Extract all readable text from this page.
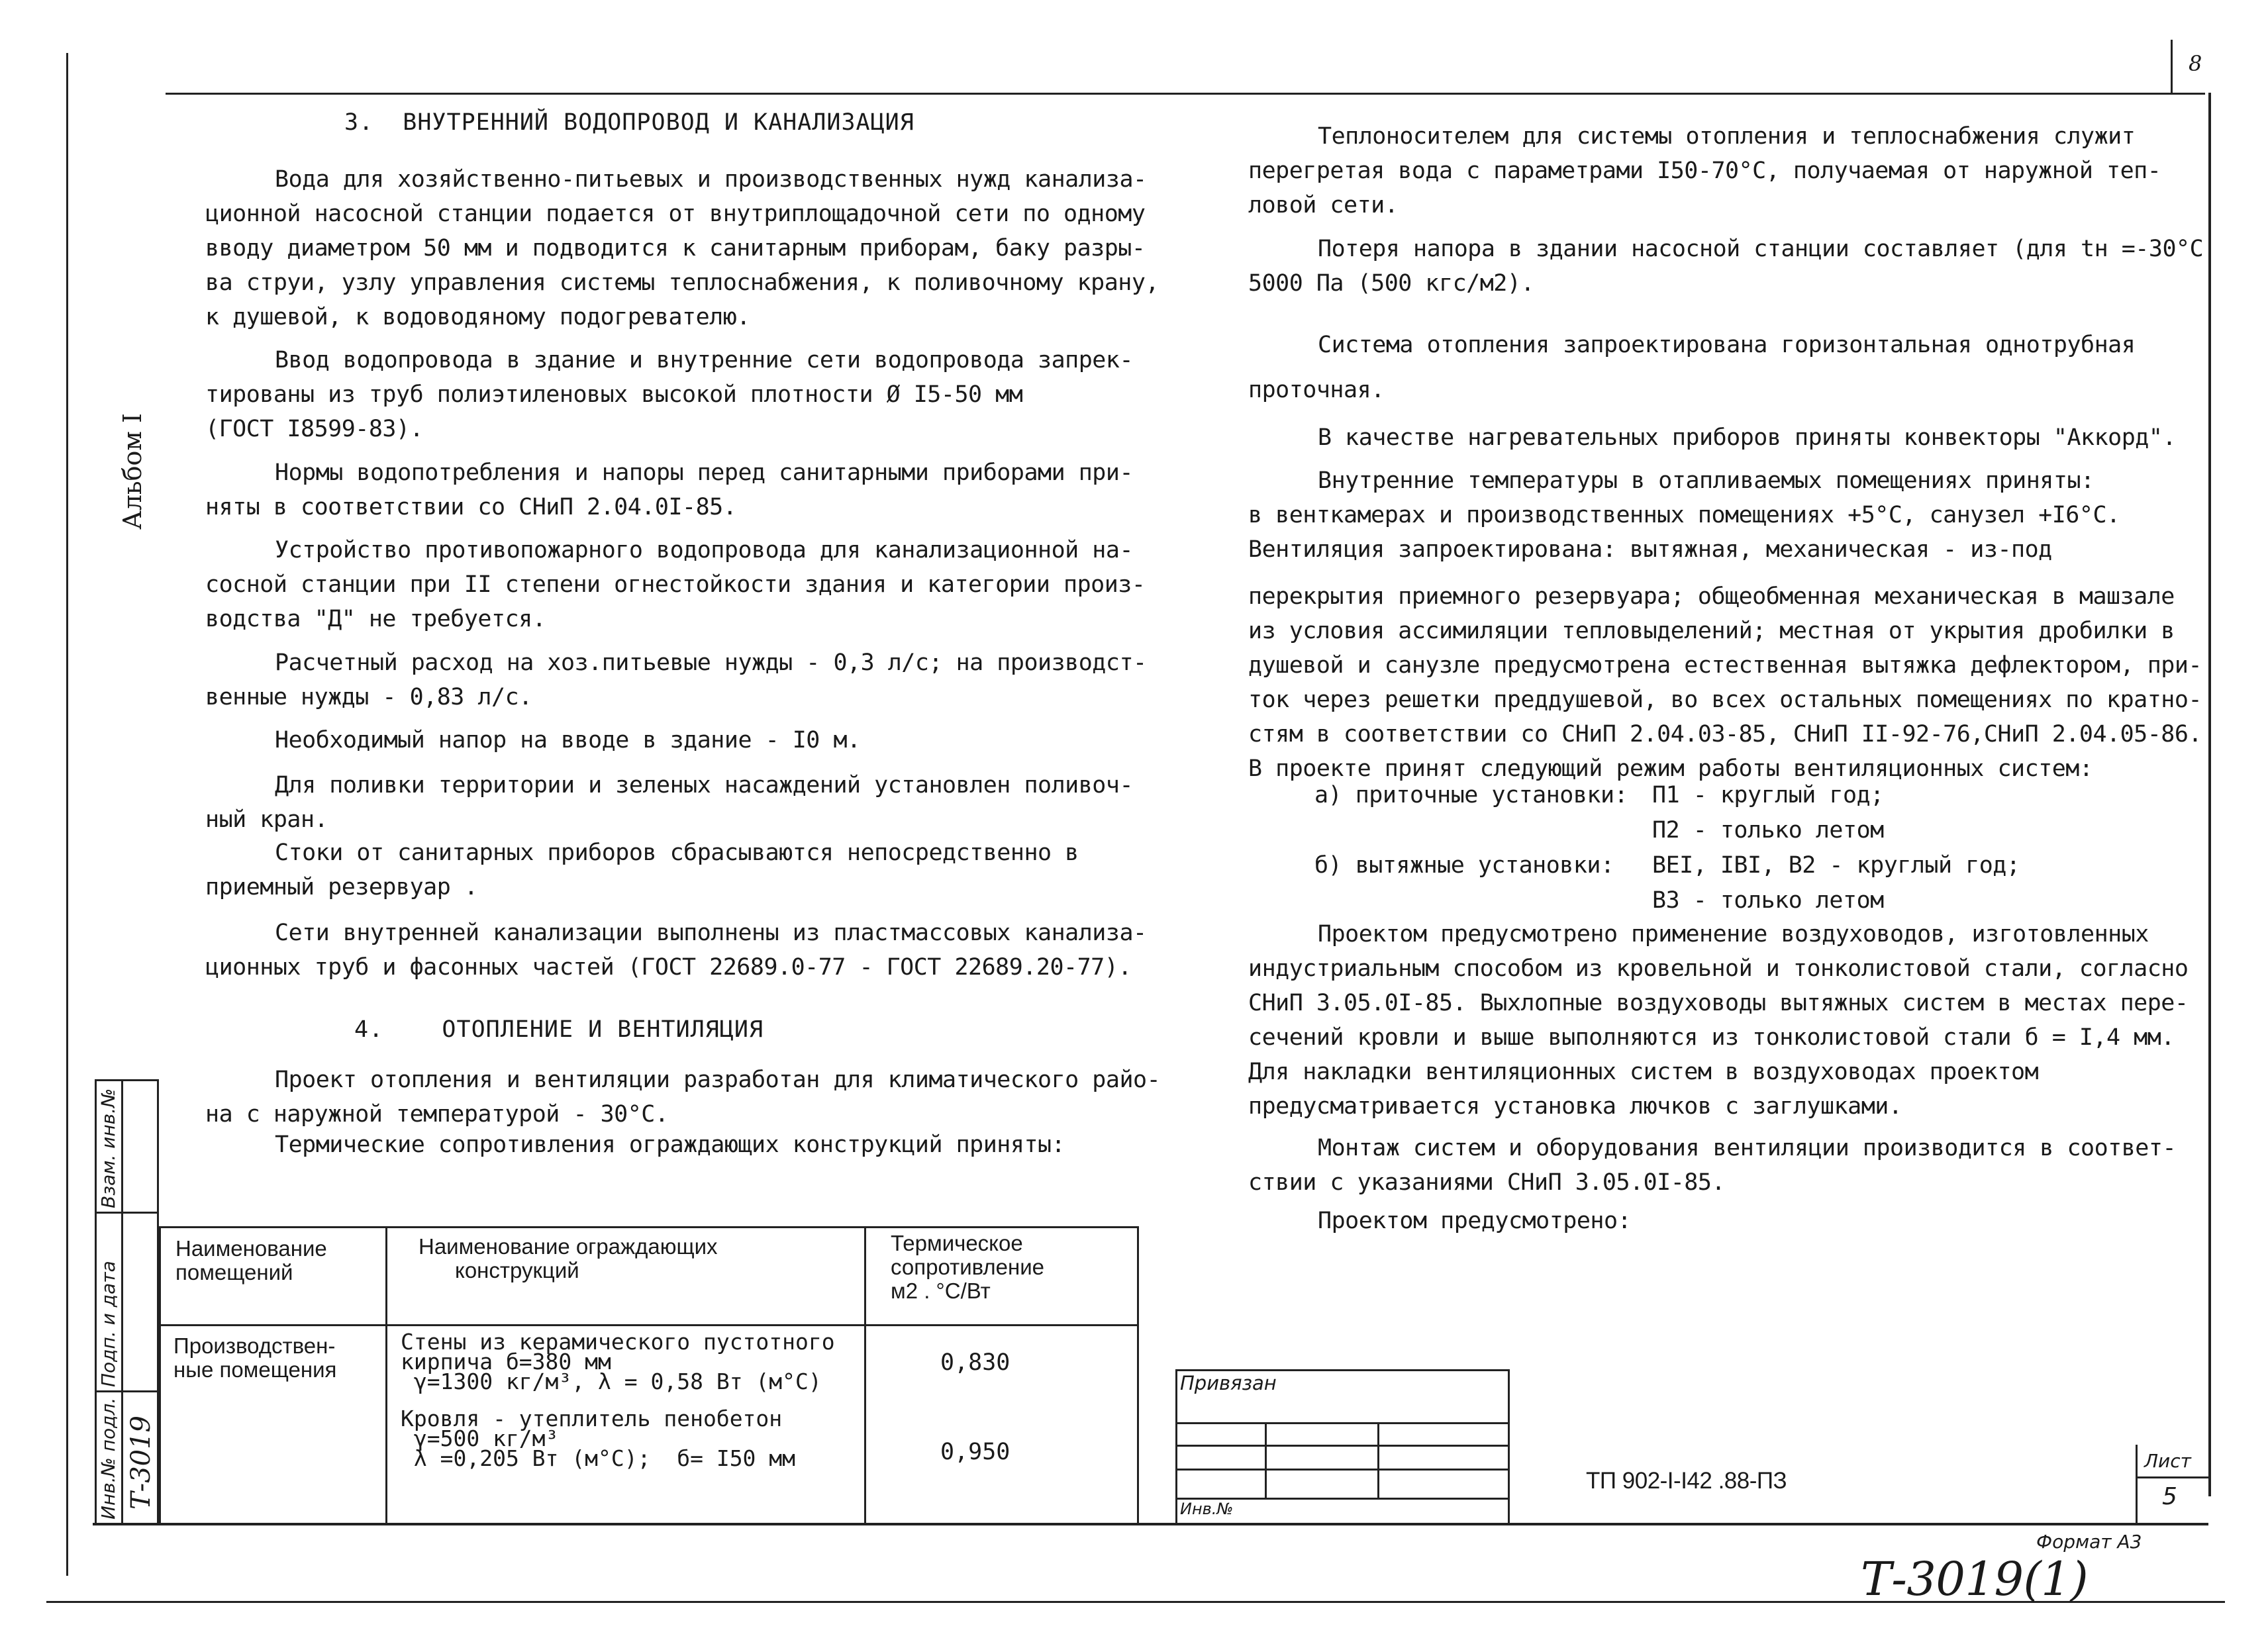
8
Альбом I
3.  ВНУТРЕННИЙ ВОДОПРОВОД И КАНАЛИЗАЦИЯ
Вода для хозяйственно-питьевых и производственных нужд канализа-
ционной насосной станции подается от внутриплощадочной сети по одному
вводу диаметром 50 мм и подводится к санитарным приборам, баку разры-
ва струи, узлу управления системы теплоснабжения, к поливочному крану,
к душевой, к водоводяному подогревателю.
Ввод водопровода в здание и внутренние сети водопровода запрек-
тированы из труб полиэтиленовых высокой плотности Ø I5-50 мм
(ГОСТ I8599-83).
Нормы водопотребления и напоры перед санитарными приборами при-
няты в соответствии со СНиП 2.04.0I-85.
Устройство противопожарного водопровода для канализационной на-
сосной станции при II степени огнестойкости здания и категории произ-
водства "Д" не требуется.
Расчетный расход на хоз.питьевые нужды - 0,3 л/с; на производст-
венные нужды - 0,83 л/с.
Необходимый напор на вводе в здание - I0 м.
Для поливки территории и зеленых насаждений установлен поливоч-
ный кран.
Стоки от санитарных приборов сбрасываются непосредственно в
приемный резервуар .
Сети внутренней канализации выполнены из пластмассовых канализа-
ционных труб и фасонных частей (ГОСТ 22689.0-77 - ГОСТ 22689.20-77).
4.    ОТОПЛЕНИЕ И ВЕНТИЛЯЦИЯ
Проект отопления и вентиляции разработан для климатического райо-
на с наружной температурой - 30°С.
Термические сопротивления ограждающих конструкций приняты:
Наименование
помещений
Наименование ограждающих
конструкций
Термическое
сопротивление
м2 . °С/Вт
Производствен-
ные помещения
Стены из керамического пустотного
кирпича б=380 мм
γ=1300 кг/м³, λ = 0,58 Вт (м°С)
0,830
Кровля - утеплитель пенобетон
γ=500 кг/м³
λ =0,205 Вт (м°С);  б= I50 мм	0,950
Теплоносителем для системы отопления и теплоснабжения служит
перегретая вода с параметрами I50-70°С, получаемая от наружной теп-
ловой сети.
Потеря напора в здании насосной станции составляет (для tн =-30°С
5000 Па (500 кгс/м2).
Система отопления запроектирована горизонтальная однотрубная
проточная.
В качестве нагревательных приборов приняты конвекторы "Аккорд".
Внутренние температуры в отапливаемых помещениях приняты:
в венткамерах и производственных помещениях +5°С, санузел +I6°С.
Вентиляция запроектирована: вытяжная, механическая - из-под
перекрытия приемного резервуара; общеобменная механическая в машзале
из условия ассимиляции тепловыделений; местная от укрытия дробилки в
душевой и санузле предусмотрена естественная вытяжка дефлектором, при-
ток через решетки преддушевой, во всех остальных помещениях по кратно-
стям в соответствии со СНиП 2.04.03-85, СНиП II-92-76,СНиП 2.04.05-86.
В проекте принят следующий режим работы вентиляционных систем:
а) приточные установки: П1 - круглый год;
П2 - только летом
б) вытяжные установки: ВЕI, IВI, В2 - круглый год;
В3 - только летом
Проектом предусмотрено применение воздуховодов, изготовленных
индустриальным способом из кровельной и тонколистовой стали, согласно
СНиП 3.05.0I-85. Выхлопные воздуховоды вытяжных систем в местах пере-
сечений кровли и выше выполняются из тонколистовой стали б = I,4 мм.
Для накладки вентиляционных систем в воздуховодах проектом
предусматривается установка лючков с заглушками.
Монтаж систем и оборудования вентиляции производится в соответ-
ствии с указаниями СНиП 3.05.0I-85.
Проектом предусмотрено:
Привязан
Инв.№
ТП 902-I-I42 .88-ПЗ
Лист
5
Формат А3
Взам. инв.№
Подп. и дата
Инв.№ подл. Т-3019
Т-3019(1)
